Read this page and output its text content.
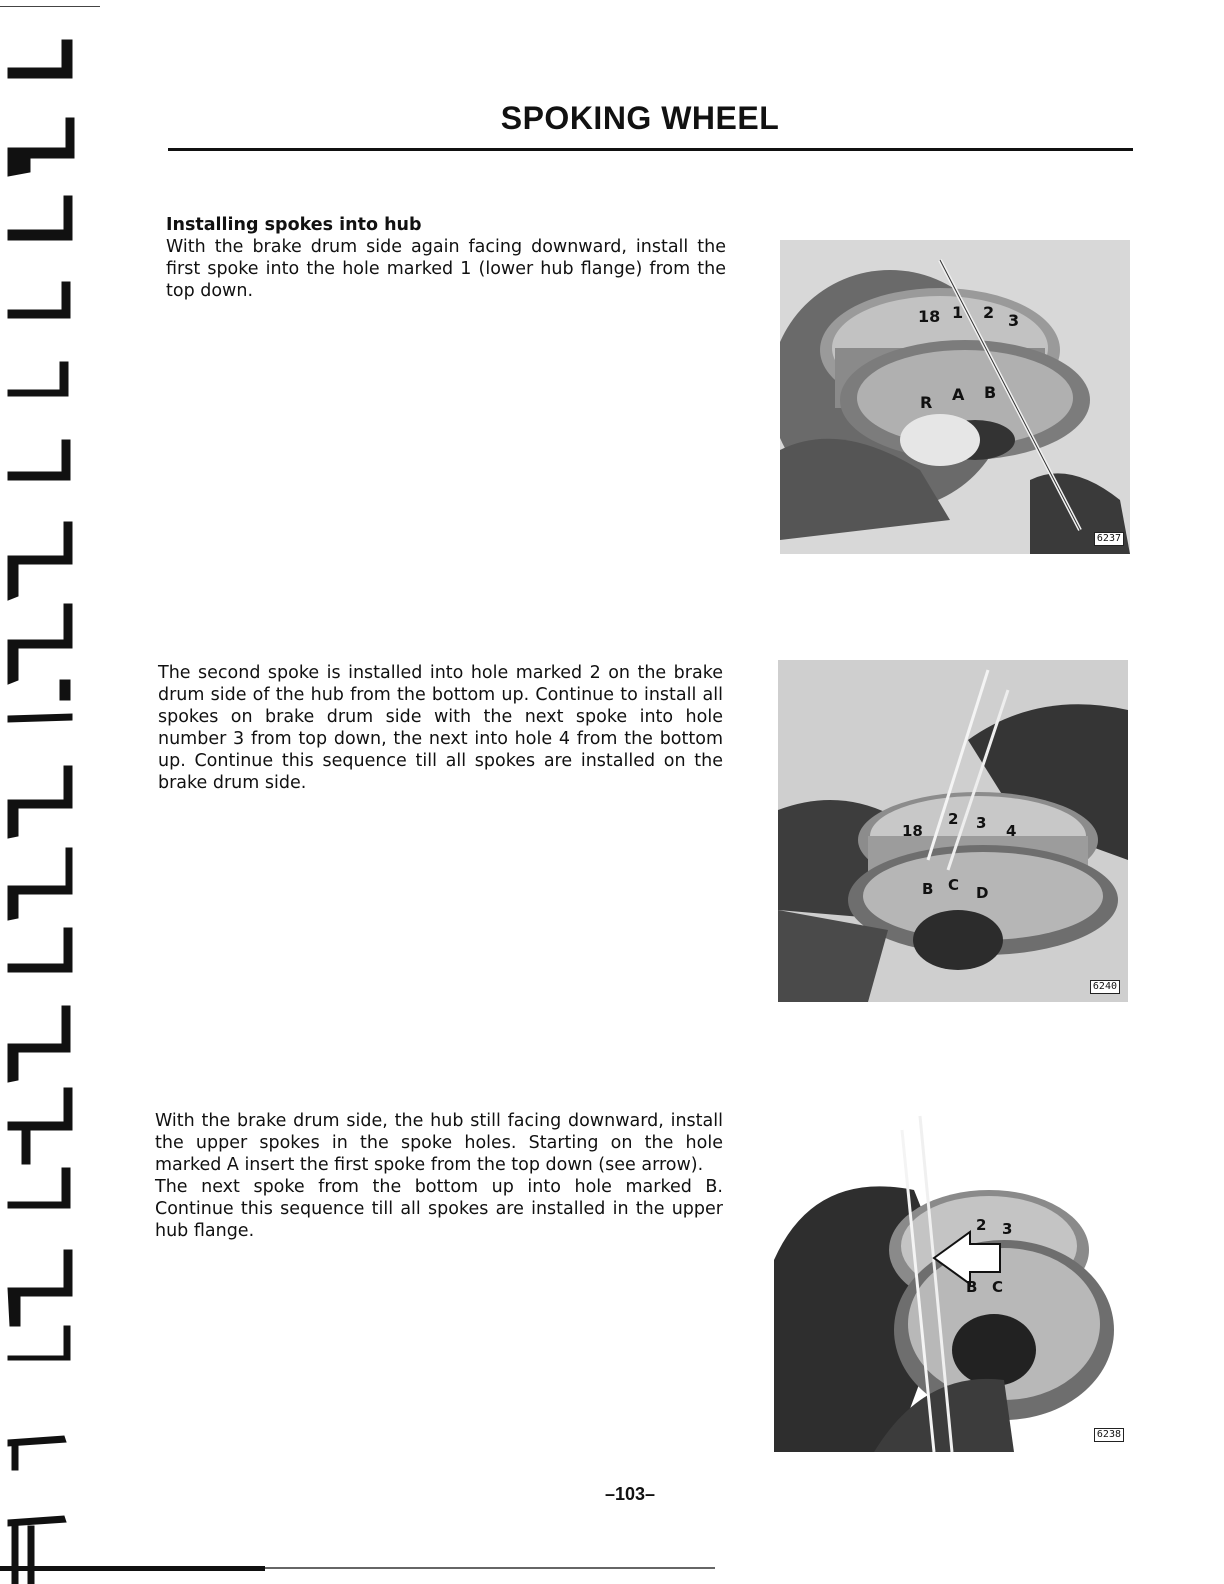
SPOKING WHEEL

Installing spokes into hub

With the brake drum side again facing downward, install the first spoke into the hole marked 1 (lower hub flange) from the top down.

18 1 2 3
R A B
6237

The second spoke is installed into hole marked 2 on the brake drum side of the hub from the bottom up. Continue to install all spokes on brake drum side with the next spoke into hole number 3 from top down, the next into hole 4 from the bottom up. Continue this sequence till all spokes are installed on the brake drum side.

18
2 3 4
B C D
6240

With the brake drum side, the hub still facing downward, install the upper spokes in the spoke holes. Starting on the hole marked A insert the first spoke from the top down (see arrow).

The next spoke from the bottom up into hole marked B. Continue this sequence till all spokes are installed in the upper hub flange.	2 3
B C
6238
–103–
